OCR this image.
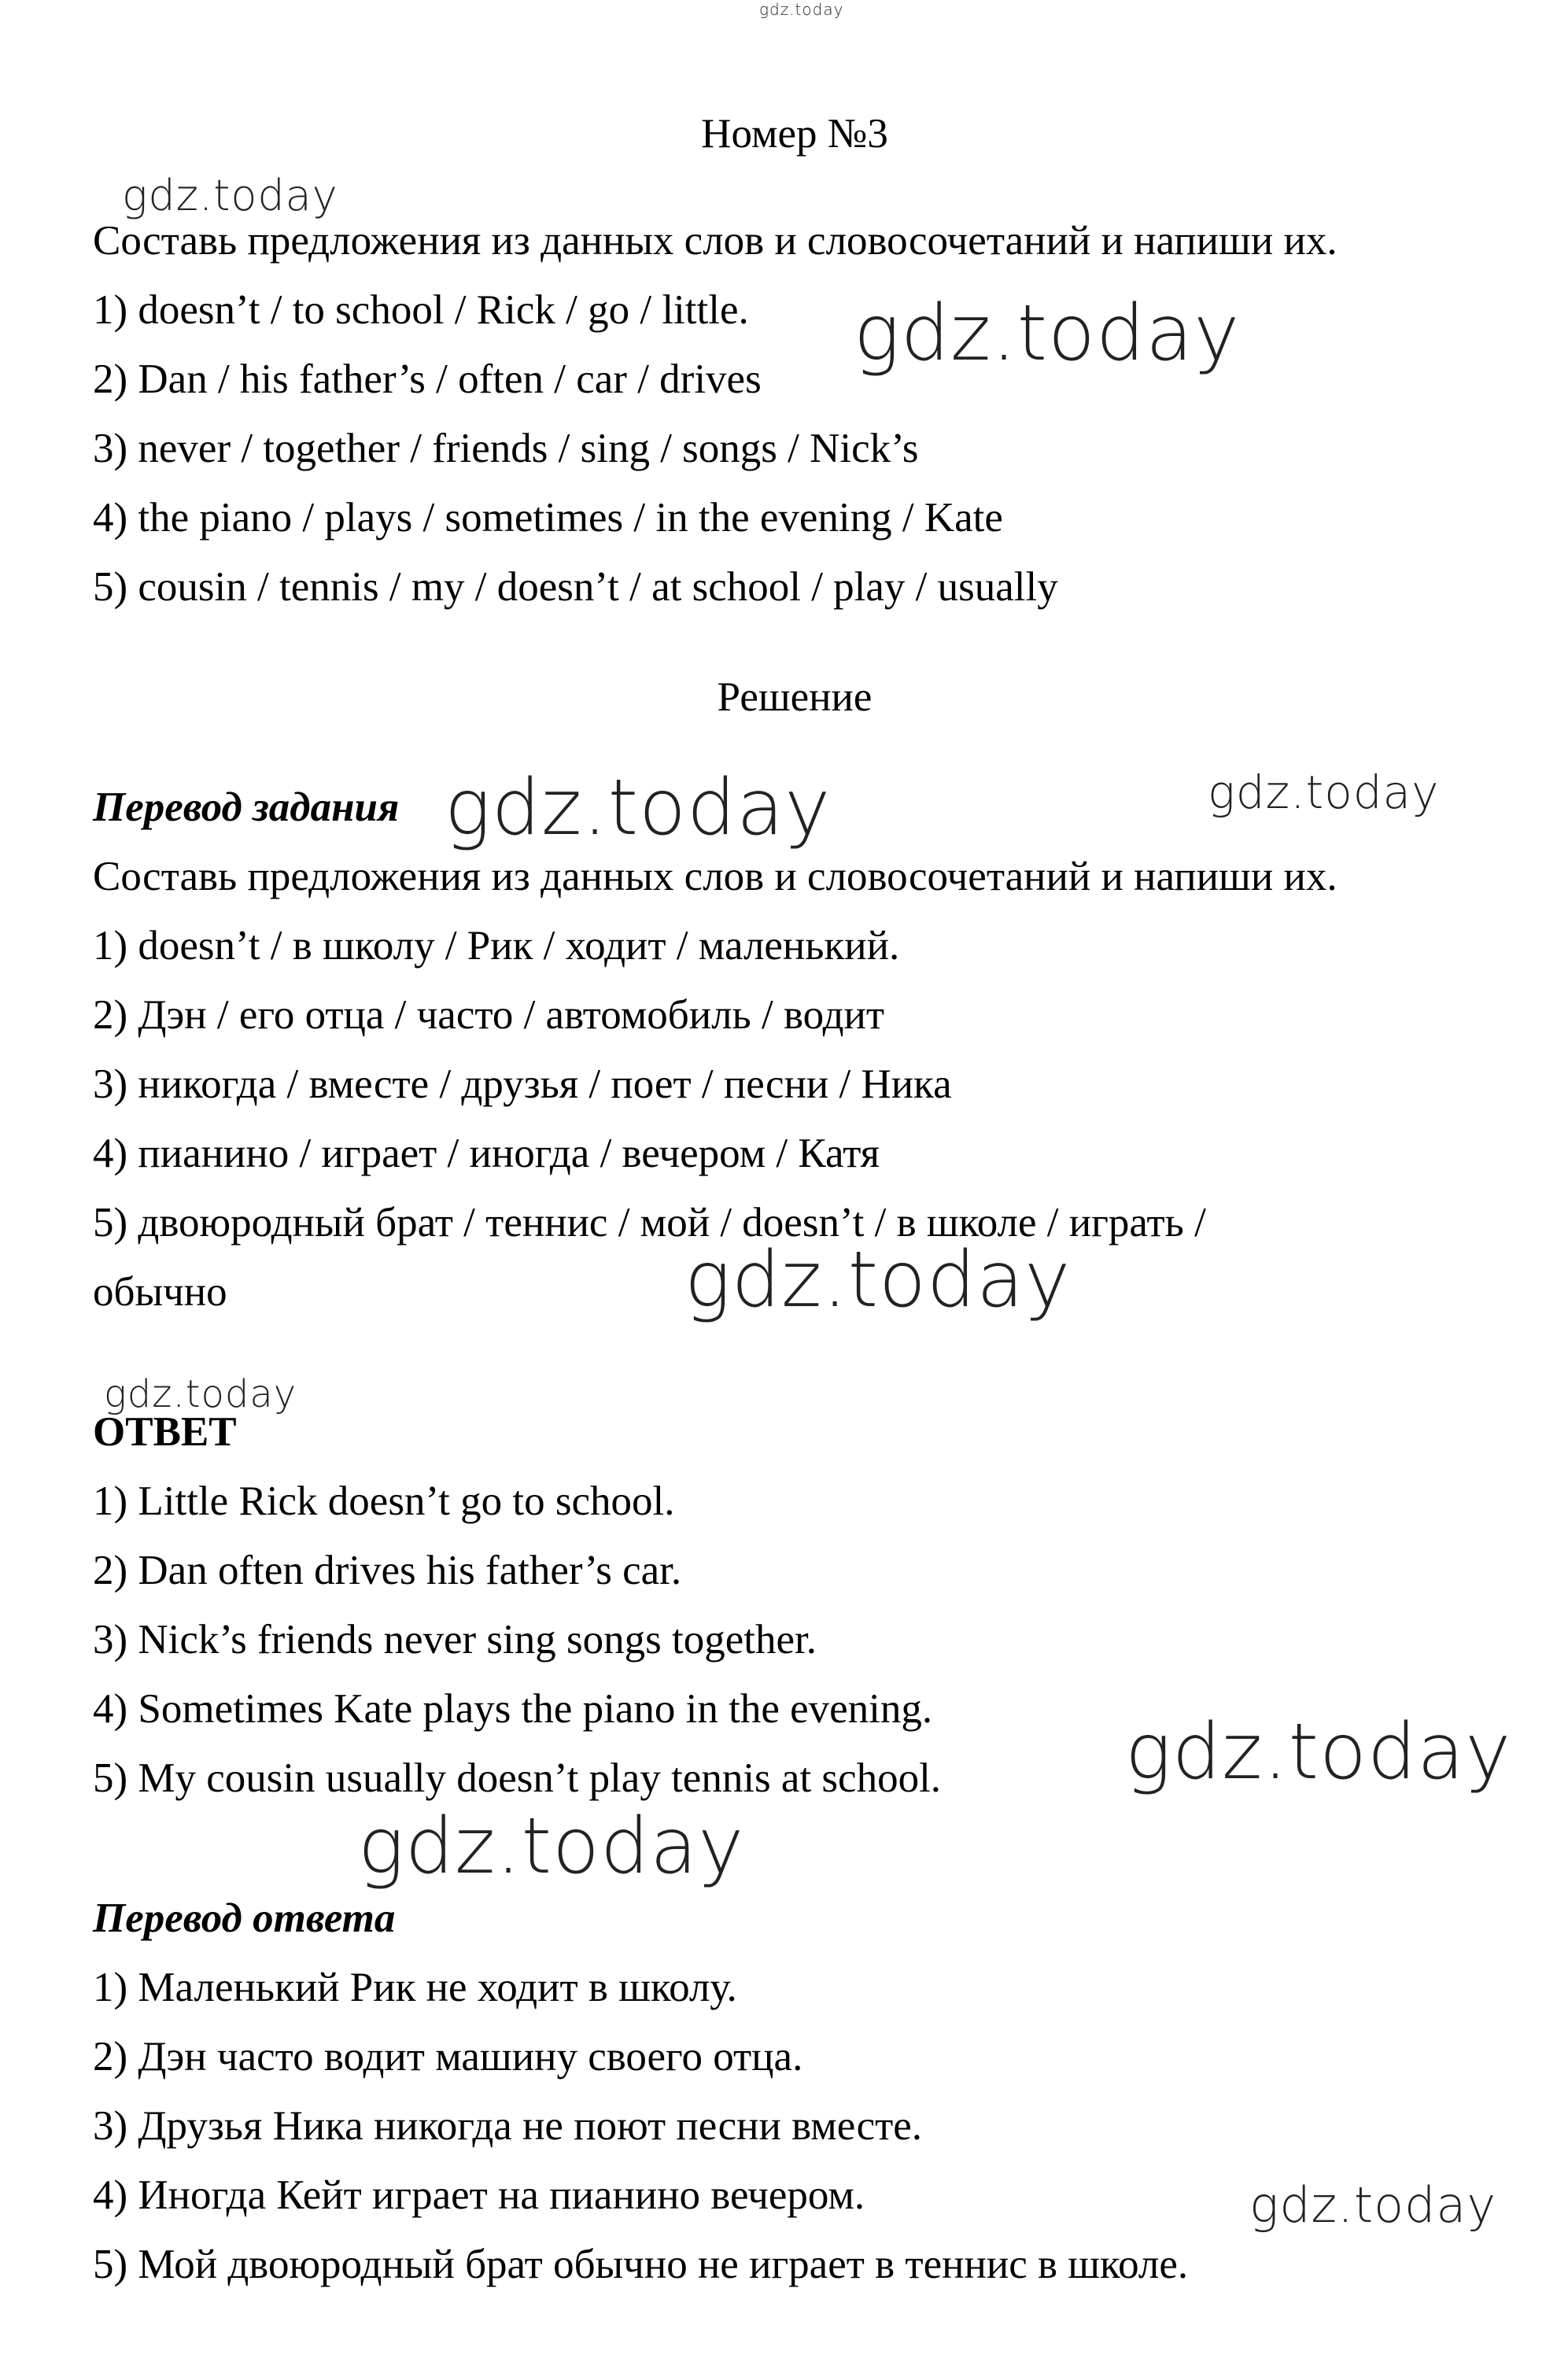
gdz.today
gdz.today
gdz.today
gdz.today	gdz.today
gdz.today
gdz.today
gdz.today
gdz.today
gdz.today
Номер №3
Составь предложения из данных слов и словосочетаний и напиши их.
1) doesn’t / to school / Rick / go / little.
2) Dan / his father’s / often / car / drives
3) never / together / friends / sing / songs / Nick’s
4) the piano / plays / sometimes / in the evening / Kate
5) cousin / tennis / my / doesn’t / at school / play / usually
Решение
Перевод задания
Составь предложения из данных слов и словосочетаний и напиши их.
1) doesn’t / в школу / Рик / ходит / маленький.
2) Дэн / его отца / часто / автомобиль / водит
3) никогда / вместе / друзья / поет / песни / Ника
4) пианино / играет / иногда / вечером / Катя
5) двоюродный брат / теннис / мой / doesn’t / в школе / играть /
обычно
ОТВЕТ
1) Little Rick doesn’t go to school.
2) Dan often drives his father’s car.
3) Nick’s friends never sing songs together.
4) Sometimes Kate plays the piano in the evening.
5) My cousin usually doesn’t play tennis at school.
Перевод ответа
1) Маленький Рик не ходит в школу.
2) Дэн часто водит машину своего отца.
3) Друзья Ника никогда не поют песни вместе.
4) Иногда Кейт играет на пианино вечером.
5) Мой двоюродный брат обычно не играет в теннис в школе.
